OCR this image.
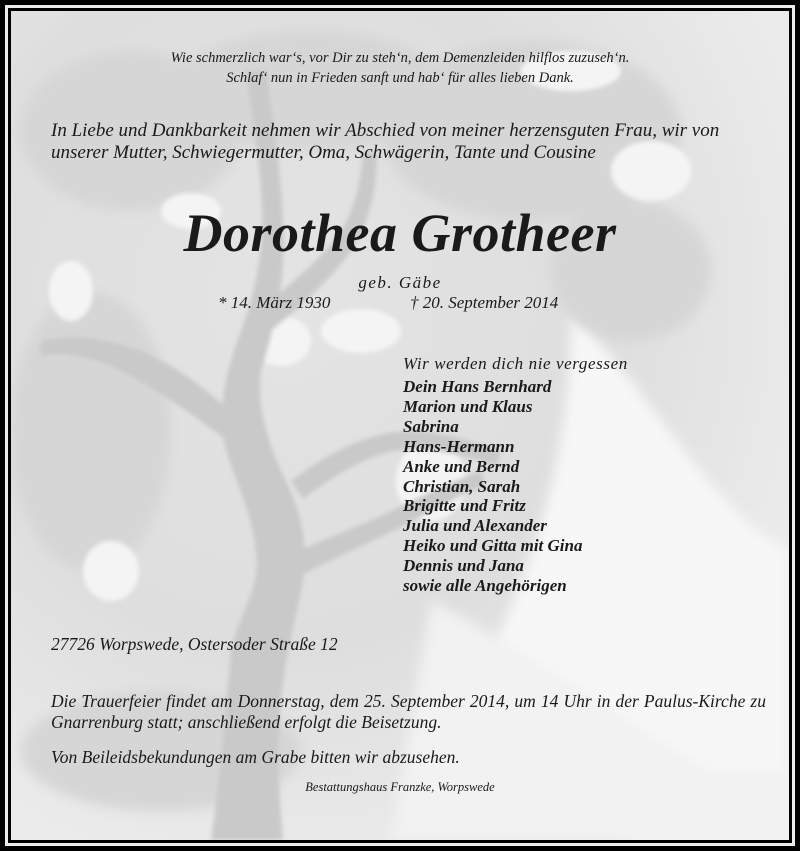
Wie schmerzlich war‘s, vor Dir zu steh‘n, dem Demenzleiden hilflos zuzuseh‘n.
Schlaf‘ nun in Frieden sanft und hab‘ für alles lieben Dank.
In Liebe und Dankbarkeit nehmen wir Abschied von meiner herzensguten Frau, wir von unserer Mutter, Schwiegermutter, Oma, Schwägerin, Tante und Cousine
Dorothea Grotheer
geb. Gäbe
* 14. März 1930	† 20. September 2014
Wir werden dich nie vergessen
Dein Hans Bernhard
Marion und Klaus
Sabrina
Hans-Hermann
Anke und Bernd
Christian, Sarah
Brigitte und Fritz
Julia und Alexander
Heiko und Gitta mit Gina
Dennis und Jana
sowie alle Angehörigen
27726 Worpswede, Ostersoder Straße 12
Die Trauerfeier findet am Donnerstag, dem 25. September 2014, um 14 Uhr in der Paulus-Kirche zu Gnarrenburg statt; anschließend erfolgt die Beisetzung.
Von Beileidsbekundungen am Grabe bitten wir abzusehen.
Bestattungshaus Franzke, Worpswede
